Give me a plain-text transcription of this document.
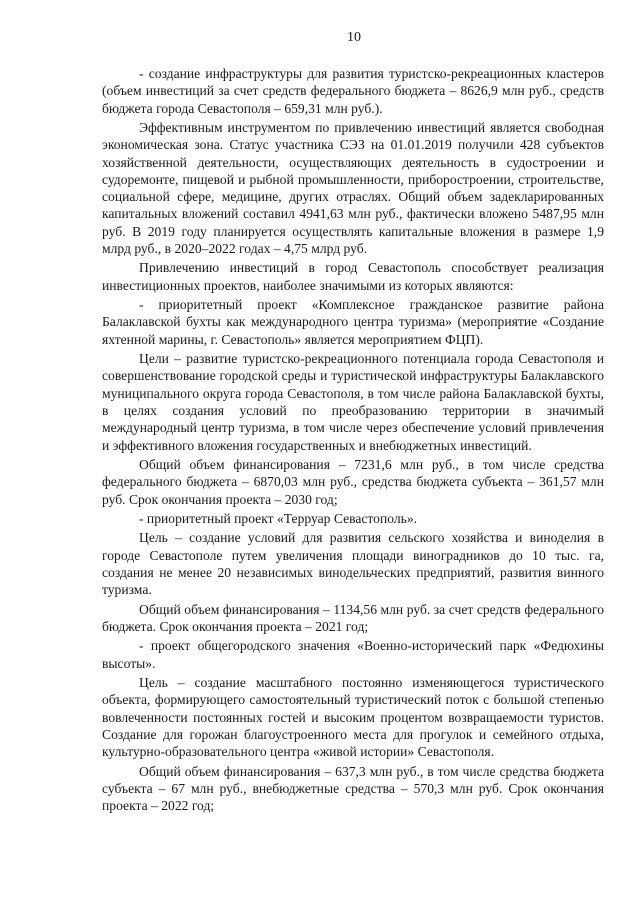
10

- создание инфраструктуры для развития туристско-рекреационных кластеров (объем инвестиций за счет средств федерального бюджета – 8626,9 млн руб., средств бюджета города Севастополя – 659,31 млн руб.).

Эффективным инструментом по привлечению инвестиций является свободная экономическая зона. Статус участника СЭЗ на 01.01.2019 получили 428 субъектов хозяйственной деятельности, осуществляющих деятельность в судостроении и судоремонте, пищевой и рыбной промышленности, приборостроении, строительстве, социальной сфере, медицине, других отраслях. Общий объем задекларированных капитальных вложений составил 4941,63 млн руб., фактически вложено 5487,95 млн руб. В 2019 году планируется осуществлять капитальные вложения в размере 1,9 млрд руб., в 2020–2022 годах – 4,75 млрд руб.

Привлечению инвестиций в город Севастополь способствует реализация инвестиционных проектов, наиболее значимыми из которых являются:

- приоритетный проект «Комплексное гражданское развитие района Балаклавской бухты как международного центра туризма» (мероприятие «Создание яхтенной марины, г. Севастополь» является мероприятием ФЦП).

Цели – развитие туристско-рекреационного потенциала города Севастополя и совершенствование городской среды и туристической инфраструктуры Балаклавского муниципального округа города Севастополя, в том числе района Балаклавской бухты, в целях создания условий по преобразованию территории в значимый международный центр туризма, в том числе через обеспечение условий привлечения и эффективного вложения государственных и внебюджетных инвестиций.

Общий объем финансирования – 7231,6 млн руб., в том числе средства федерального бюджета – 6870,03 млн руб., средства бюджета субъекта – 361,57 млн руб. Срок окончания проекта – 2030 год;

- приоритетный проект «Терруар Севастополь».

Цель – создание условий для развития сельского хозяйства и виноделия в городе Севастополе путем увеличения площади виноградников до 10 тыс. га, создания не менее 20 независимых винодельческих предприятий, развития винного туризма.

Общий объем финансирования – 1134,56 млн руб. за счет средств федерального бюджета. Срок окончания проекта – 2021 год;

- проект общегородского значения «Военно-исторический парк «Федюхины высоты».

Цель – создание масштабного постоянно изменяющегося туристического объекта, формирующего самостоятельный туристический поток с большой степенью вовлеченности постоянных гостей и высоким процентом возвращаемости туристов. Создание для горожан благоустроенного места для прогулок и семейного отдыха, культурно-образовательного центра «живой истории» Севастополя.

Общий объем финансирования – 637,3 млн руб., в том числе средства бюджета субъекта – 67 млн руб., внебюджетные средства – 570,3 млн руб. Срок окончания проекта – 2022 год;
